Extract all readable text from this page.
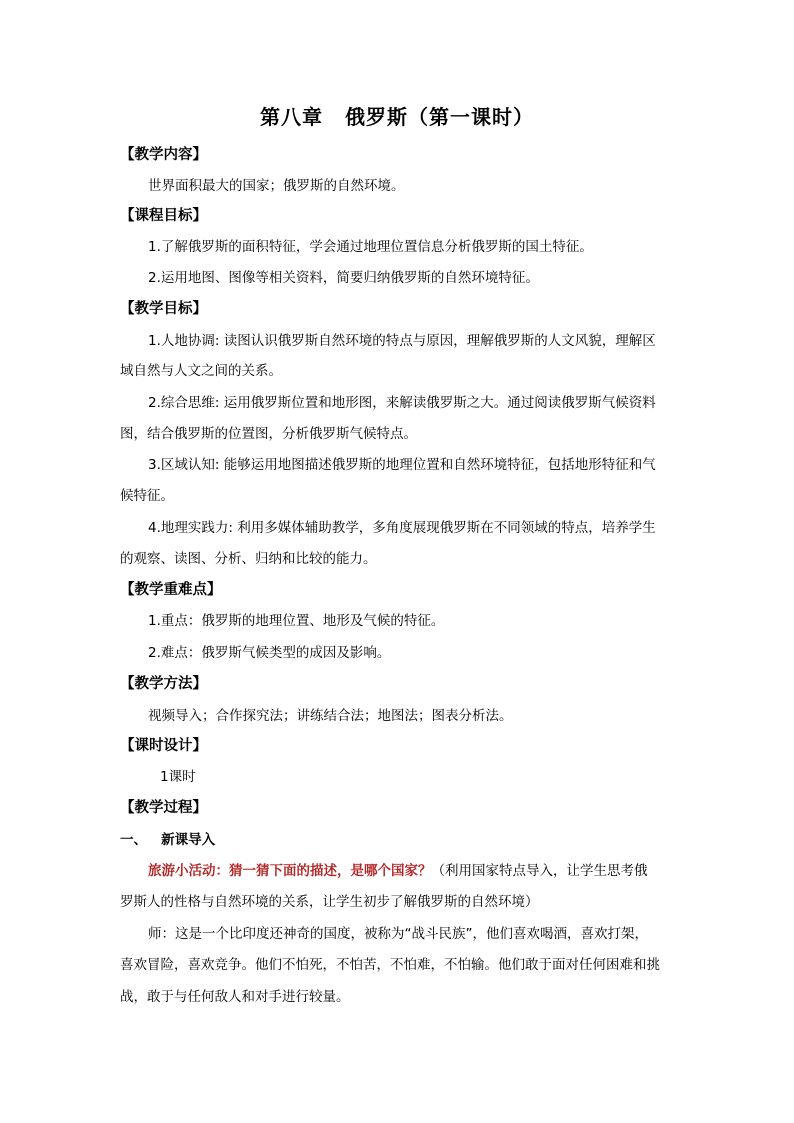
第八章 俄罗斯（第一课时）
【教学内容】
世界面积最大的国家；俄罗斯的自然环境。
【课程目标】
1.了解俄罗斯的面积特征，学会通过地理位置信息分析俄罗斯的国土特征。
2.运用地图、图像等相关资料，简要归纳俄罗斯的自然环境特征。
【教学目标】
1.人地协调: 读图认识俄罗斯自然环境的特点与原因，理解俄罗斯的人文风貌，理解区
域自然与人文之间的关系。
2.综合思维: 运用俄罗斯位置和地形图，来解读俄罗斯之大。通过阅读俄罗斯气候资料
图，结合俄罗斯的位置图，分析俄罗斯气候特点。
3.区域认知: 能够运用地图描述俄罗斯的地理位置和自然环境特征，包括地形特征和气
候特征。
4.地理实践力: 利用多媒体辅助教学，多角度展现俄罗斯在不同领域的特点，培养学生
的观察、读图、分析、归纳和比较的能力。
【教学重难点】
1.重点：俄罗斯的地理位置、地形及气候的特征。
2.难点：俄罗斯气候类型的成因及影响。
【教学方法】
视频导入；合作探究法；讲练结合法；地图法；图表分析法。
【课时设计】
1课时
【教学过程】
一、   新课导入
旅游小活动：猜一猜下面的描述，是哪个国家？（利用国家特点导入，让学生思考俄
罗斯人的性格与自然环境的关系，让学生初步了解俄罗斯的自然环境）
师：这是一个比印度还神奇的国度，被称为“战斗民族”，他们喜欢喝酒，喜欢打架，
喜欢冒险，喜欢竞争。他们不怕死，不怕苦，不怕难，不怕输。他们敢于面对任何困难和挑
战，敢于与任何敌人和对手进行较量。
